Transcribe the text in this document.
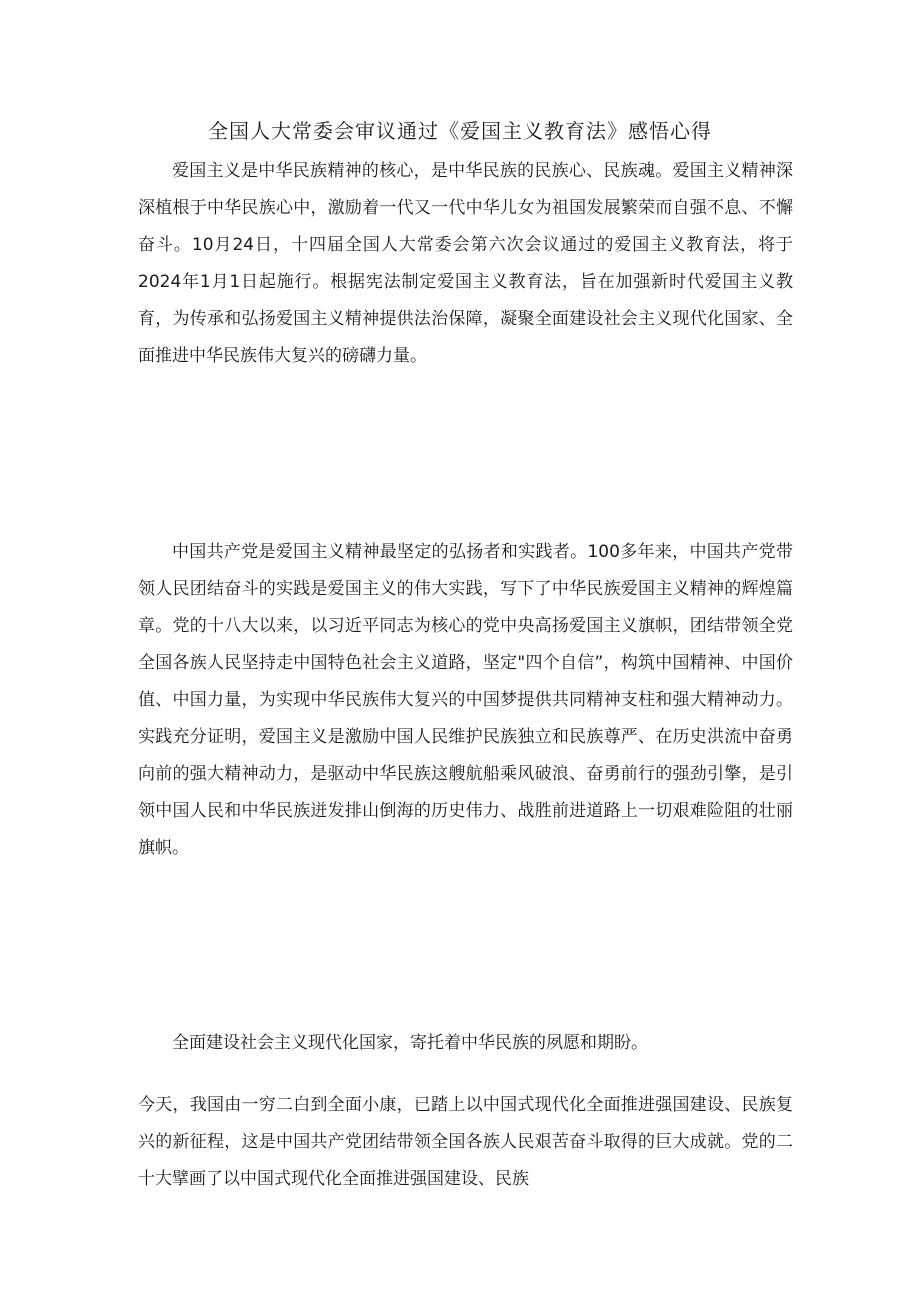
全国人大常委会审议通过《爱国主义教育法》感悟心得

爱国主义是中华民族精神的核心，是中华民族的民族心、民族魂。爱国主义精神深深植根于中华民族心中，激励着一代又一代中华儿女为祖国发展繁荣而自强不息、不懈奋斗。10月24日，十四届全国人大常委会第六次会议通过的爱国主义教育法，将于2024年1月1日起施行。根据宪法制定爱国主义教育法，旨在加强新时代爱国主义教育，为传承和弘扬爱国主义精神提供法治保障，凝聚全面建设社会主义现代化国家、全面推进中华民族伟大复兴的磅礴力量。

中国共产党是爱国主义精神最坚定的弘扬者和实践者。100多年来，中国共产党带领人民团结奋斗的实践是爱国主义的伟大实践，写下了中华民族爱国主义精神的辉煌篇章。党的十八大以来，以习近平同志为核心的党中央高扬爱国主义旗帜，团结带领全党全国各族人民坚持走中国特色社会主义道路，坚定"四个自信”，构筑中国精神、中国价值、中国力量，为实现中华民族伟大复兴的中国梦提供共同精神支柱和强大精神动力。实践充分证明，爱国主义是激励中国人民维护民族独立和民族尊严、在历史洪流中奋勇向前的强大精神动力，是驱动中华民族这艘航船乘风破浪、奋勇前行的强劲引擎，是引领中国人民和中华民族迸发排山倒海的历史伟力、战胜前进道路上一切艰难险阻的壮丽旗帜。

全面建设社会主义现代化国家，寄托着中华民族的夙愿和期盼。

今天，我国由一穷二白到全面小康，已踏上以中国式现代化全面推进强国建设、民族复兴的新征程，这是中国共产党团结带领全国各族人民艰苦奋斗取得的巨大成就。党的二十大擘画了以中国式现代化全面推进强国建设、民族
